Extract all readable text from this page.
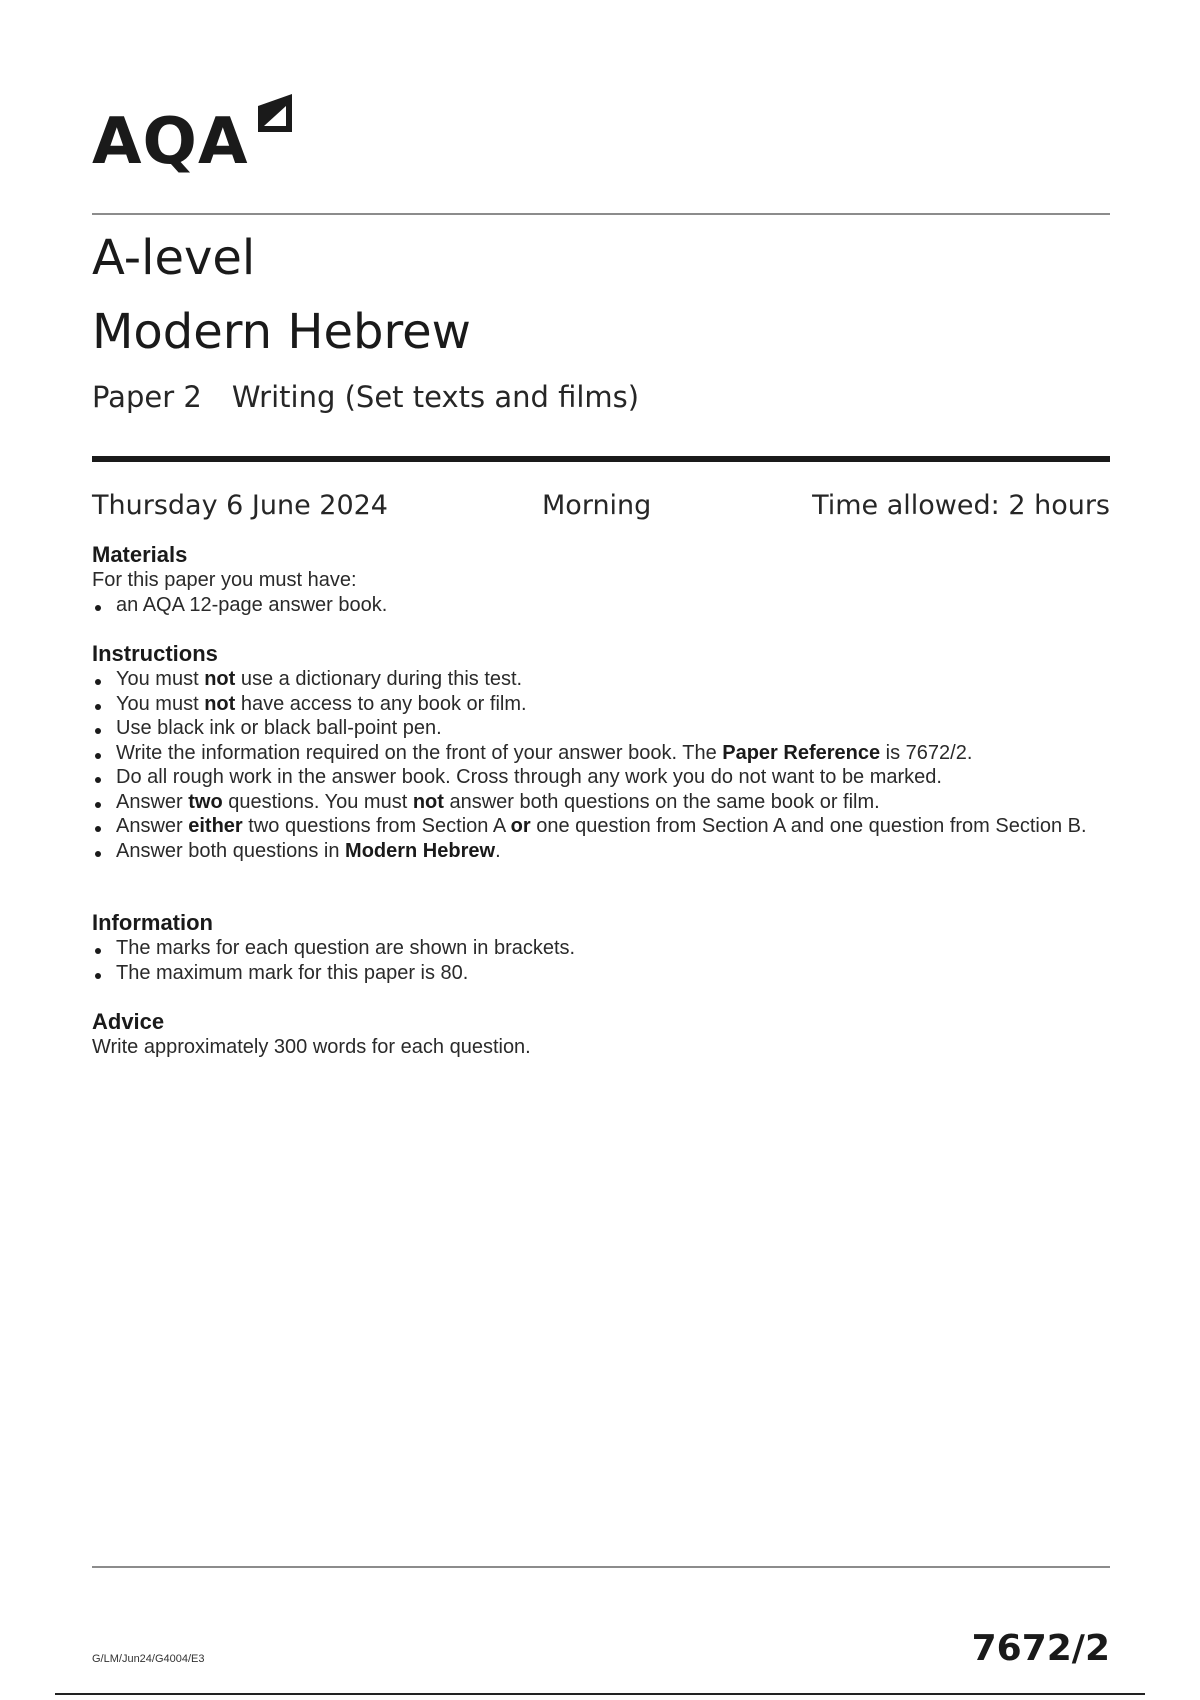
AQA
A-level
Modern Hebrew
Paper 2 Writing (Set texts and films)
Thursday 6 June 2024	Morning	Time allowed: 2 hours
Materials

For this paper you must have:

an AQA 12-page answer book.
Instructions
You must not use a dictionary during this test.
You must not have access to any book or film.
Use black ink or black ball-point pen.
Write the information required on the front of your answer book. The Paper Reference is 7672/2.
Do all rough work in the answer book. Cross through any work you do not want to be marked.
Answer two questions. You must not answer both questions on the same book or film.
Answer either two questions from Section A or one question from Section A and one question from Section B.
Answer both questions in Modern Hebrew.
Information
The marks for each question are shown in brackets.
The maximum mark for this paper is 80.
Advice

Write approximately 300 words for each question.

G/LM/Jun24/G4004/E3	7672/2
